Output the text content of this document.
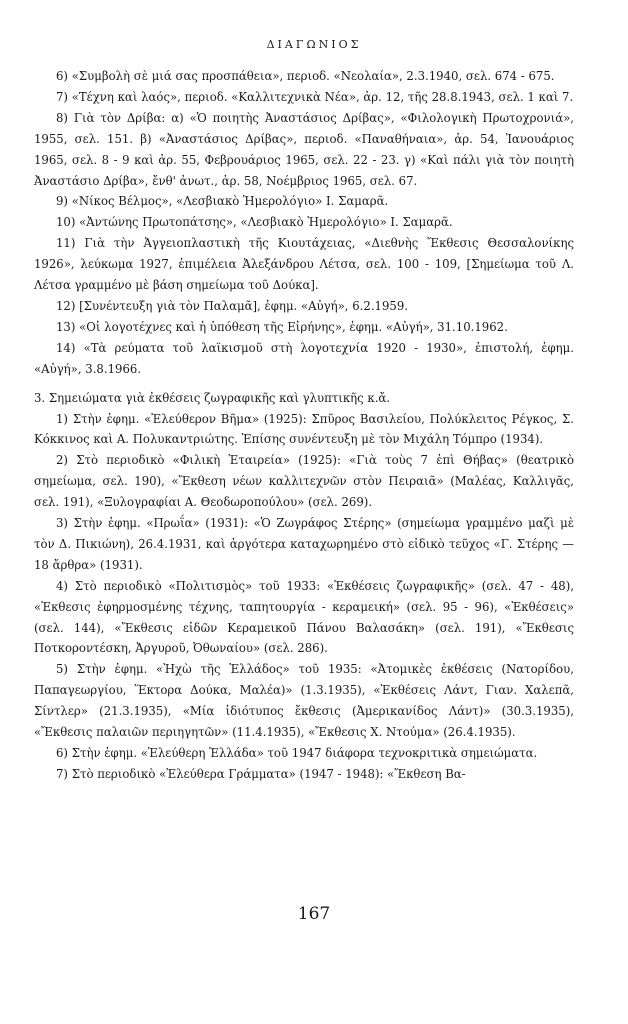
ΔΙΑΓΩΝΙΟΣ

6) «Συμβολὴ σὲ μιά σας προσπάθεια», περιοδ. «Νεολαία», 2.3.1940, σελ. 674 - 675.

7) «Τέχνη καὶ λαός», περιοδ. «Καλλιτεχνικὰ Νέα», ἀρ. 12, τῆς 28.8.1943, σελ. 1 καὶ 7.

8) Γιὰ τὸν Δρίβα: α) «Ὁ ποιητὴς Ἀναστάσιος Δρίβας», «Φιλολογικὴ Πρωτοχρονιά», 1955, σελ. 151. β) «Ἀναστάσιος Δρίβας», περιοδ. «Παναθήναια», ἀρ. 54, Ἰανουάριος 1965, σελ. 8 - 9 καὶ ἀρ. 55, Φεβρουάριος 1965, σελ. 22 - 23. γ) «Καὶ πάλι γιὰ τὸν ποιητὴ Ἀναστάσιο Δρίβα», ἔνθ' ἀνωτ., ἀρ. 58, Νοέμβριος 1965, σελ. 67.

9) «Νίκος Βέλμος», «Λεσβιακὸ Ἡμερολόγιο» Ι. Σαμαρᾶ.

10) «Ἀντώνης Πρωτοπάτσης», «Λεσβιακὸ Ἡμερολόγιο» Ι. Σαμαρᾶ.

11) Γιὰ τὴν Ἀγγειοπλαστικὴ τῆς Κιουτάχειας, «Διεθνὴς Ἔκθεσις Θεσσαλονίκης 1926», λεύκωμα 1927, ἐπιμέλεια Ἀλεξάνδρου Λέτσα, σελ. 100 - 109, [Σημείωμα τοῦ Λ. Λέτσα γραμμένο μὲ βάση σημείωμα τοῦ Δούκα].

12) [Συνέντευξη γιὰ τὸν Παλαμᾶ], ἐφημ. «Αὐγή», 6.2.1959.

13) «Οἱ λογοτέχνες καὶ ἡ ὑπόθεση τῆς Εἰρήνης», ἐφημ. «Αὐγή», 31.10.1962.

14) «Τὰ ρεύματα τοῦ λαϊκισμοῦ στὴ λογοτεχνία 1920 - 1930», ἐπιστολή, ἐφημ. «Αὐγή», 3.8.1966.

3. Σημειώματα γιὰ ἐκθέσεις ζωγραφικῆς καὶ γλυπτικῆς κ.ἄ.

1) Στὴν ἐφημ. «Ἐλεύθερον Βῆμα» (1925): Σπῦρος Βασιλείου, Πολύκλειτος Ρέγκος, Σ. Κόκκινος καὶ Α. Πολυκαντριώτης. Ἐπίσης συνέντευξη μὲ τὸν Μιχάλη Τόμπρο (1934).

2) Στὸ περιοδικὸ «Φιλικὴ Ἑταιρεία» (1925): «Γιὰ τοὺς 7 ἐπὶ Θήβας» (θεατρικὸ σημείωμα, σελ. 190), «Ἔκθεση νέων καλλιτεχνῶν στὸν Πειραιᾶ» (Μαλέας, Καλλιγᾶς, σελ. 191), «Ξυλογραφίαι Α. Θεοδωροπούλου» (σελ. 269).

3) Στὴν ἐφημ. «Πρωΐα» (1931): «Ὁ Ζωγράφος Στέρης» (σημείωμα γραμμένο μαζὶ μὲ τὸν Δ. Πικιώνη), 26.4.1931, καὶ ἀργότερα καταχωρημένο στὸ εἰδικὸ τεῦχος «Γ. Στέρης — 18 ἄρθρα» (1931).

4) Στὸ περιοδικὸ «Πολιτισμὸς» τοῦ 1933: «Ἐκθέσεις ζωγραφικῆς» (σελ. 47 - 48), «Ἐκθεσις ἐφηρμοσμένης τέχνης, ταπητουργία - κεραμεική» (σελ. 95 - 96), «Ἐκθέσεις» (σελ. 144), «Ἔκθεσις εἰδῶν Κεραμεικοῦ Πάνου Βαλασάκη» (σελ. 191), «Ἔκθεσις Ποτκοροντέσκη, Ἀργυροῦ, Ὀθωναίου» (σελ. 286).

5) Στὴν ἐφημ. «Ἠχὼ τῆς Ἑλλάδος» τοῦ 1935: «Ἀτομικὲς ἐκθέσεις (Νατορίδου, Παπαγεωργίου, Ἕκτορα Δούκα, Μαλέα)» (1.3.1935), «Ἐκθέσεις Λάντ, Γιαν. Χαλεπᾶ, Σίντλερ» (21.3.1935), «Μία ἰδιότυπος ἔκθεσις (Ἀμερικανίδος Λάντ)» (30.3.1935), «Ἔκθεσις παλαιῶν περιηγητῶν» (11.4.1935), «Ἔκθεσις Χ. Ντούμα» (26.4.1935).

6) Στὴν ἐφημ. «Ἐλεύθερη Ἑλλάδα» τοῦ 1947 διάφορα τεχνοκριτικὰ σημειώματα.

7) Στὸ περιοδικὸ «Ἐλεύθερα Γράμματα» (1947 - 1948): «Ἔκθεση Βα-

167
